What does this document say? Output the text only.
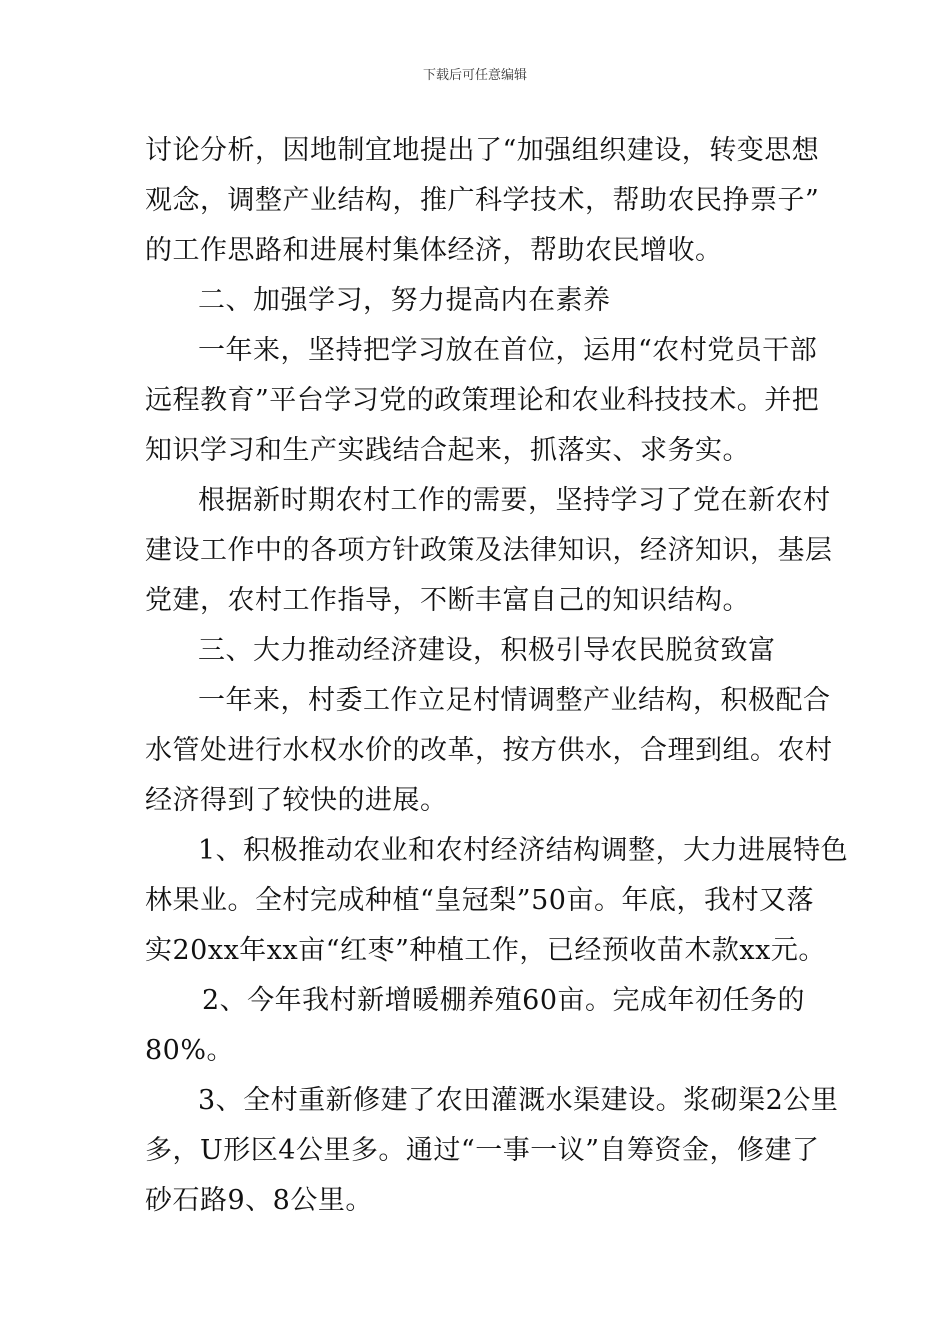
下载后可任意编辑
讨论分析，因地制宜地提出了“加强组织建设，转变思想
观念，调整产业结构，推广科学技术，帮助农民挣票子”
的工作思路和进展村集体经济，帮助农民增收。
二、加强学习，努力提高内在素养
一年来，坚持把学习放在首位，运用“农村党员干部
远程教育”平台学习党的政策理论和农业科技技术。并把
知识学习和生产实践结合起来，抓落实、求务实。
根据新时期农村工作的需要，坚持学习了党在新农村
建设工作中的各项方针政策及法律知识，经济知识，基层
党建，农村工作指导，不断丰富自己的知识结构。
三、大力推动经济建设，积极引导农民脱贫致富
一年来，村委工作立足村情调整产业结构，积极配合
水管处进行水权水价的改革，按方供水，合理到组。农村
经济得到了较快的进展。
1、积极推动农业和农村经济结构调整，大力进展特色
林果业。全村完成种植“皇冠梨”50亩。年底，我村又落
实20xx年xx亩“红枣”种植工作，已经预收苗木款xx元。
2、今年我村新增暖棚养殖60亩。完成年初任务的
80%。
3、全村重新修建了农田灌溉水渠建设。浆砌渠2公里
多，U形区4公里多。通过“一事一议”自筹资金，修建了
砂石路9、8公里。
